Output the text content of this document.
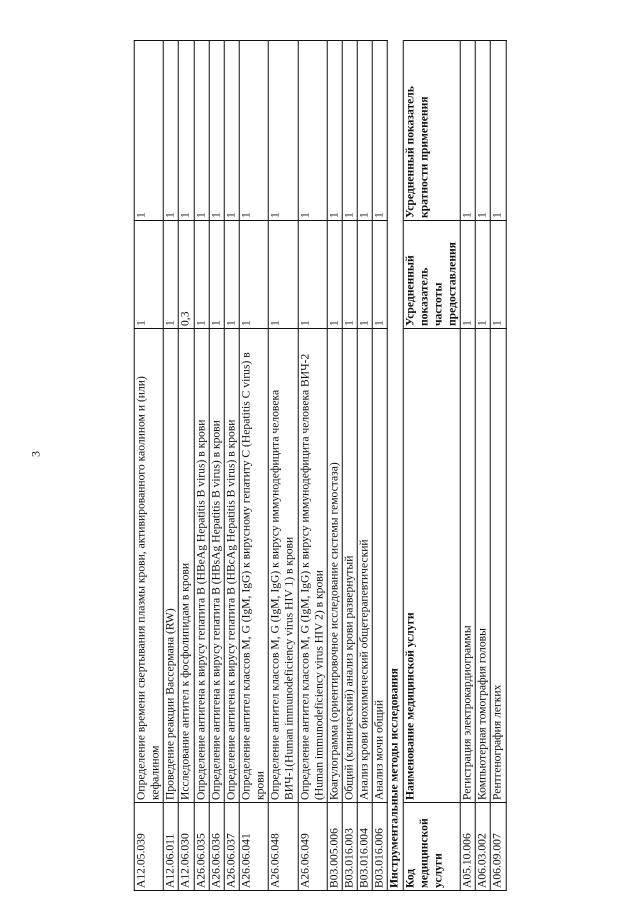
3
A12.05.039	Определение времени свертывания плазмы крови, активированного каолином и (или) кефалином	1	1
A12.06.011	Проведение реакции Вассермана (RW)	1	1
A12.06.030	Исследование антител к фосфолипидам в крови	0,3	1
A26.06.035	Определение антигена к вирусу гепатита B (HBeAg Hepatitis B virus) в крови	1	1
A26.06.036	Определение антигена к вирусу гепатита B (HBsAg Hepatitis B virus) в крови	1	1
A26.06.037	Определение антигена к вирусу гепатита B (HBcAg Hepatitis B virus) в крови	1	1
A26.06.041	Определение антител классов M, G (IgM, IgG) к вирусному гепатиту C (Hepatitis C virus) в крови	1	1
A26.06.048	Определение антител классов M, G (IgM, IgG) к вирусу иммунодефицита человека ВИЧ-1(Human immunodeficiency virus HIV 1) в крови	1	1
A26.06.049	Определение антител классов M, G (IgM, IgG) к вирусу иммунодефицита человека ВИЧ-2 (Human immunodeficiency virus HIV 2) в крови	1	1
B03.005.006	Коагулограмма (ориентировочное исследование системы гемостаза)	1	1
B03.016.003	Общий (клинический) анализ крови развернутый	1	1
B03.016.004	Анализ крови биохимический общетерапевтический	1	1
B03.016.006	Анализ мочи общий	1	1
Инструментальные методы исследования			
Код медицинской услуги	Наименование медицинской услуги	Усредненный показатель частоты предоставления	Усредненный показатель кратности применения
A05.10.006	Регистрация электрокардиограммы	1	1
A06.03.002	Компьютерная томография головы	1	1
A06.09.007	Рентгенография легких	1	1
